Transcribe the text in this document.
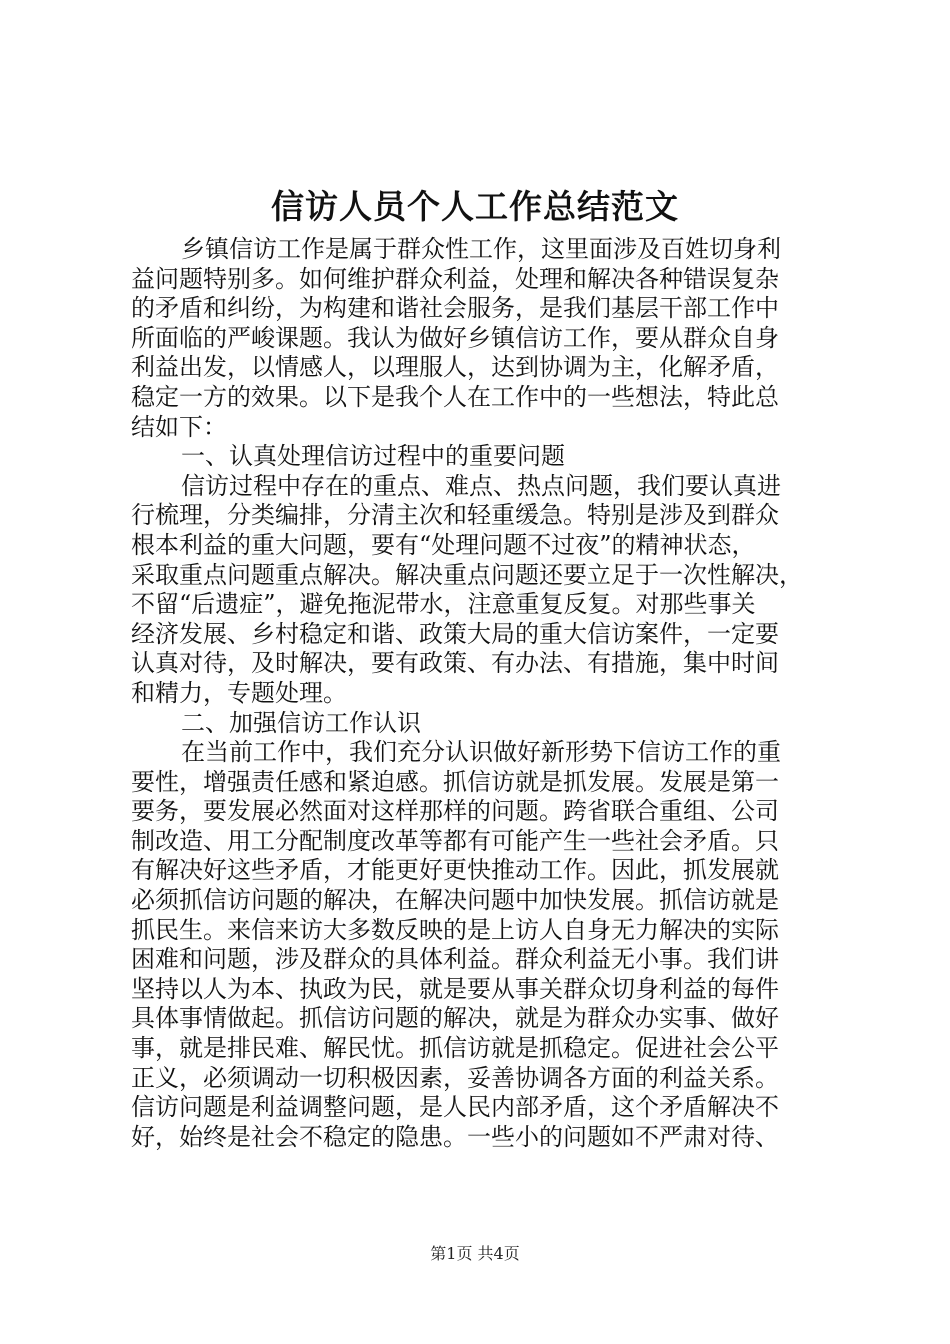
信访人员个人工作总结范文
乡镇信访工作是属于群众性工作，这里面涉及百姓切身利
益问题特别多。如何维护群众利益，处理和解决各种错误复杂
的矛盾和纠纷，为构建和谐社会服务，是我们基层干部工作中
所面临的严峻课题。我认为做好乡镇信访工作，要从群众自身
利益出发，以情感人，以理服人，达到协调为主，化解矛盾，
稳定一方的效果。以下是我个人在工作中的一些想法，特此总
结如下：
一、认真处理信访过程中的重要问题
信访过程中存在的重点、难点、热点问题，我们要认真进
行梳理，分类编排，分清主次和轻重缓急。特别是涉及到群众
根本利益的重大问题，要有“处理问题不过夜”的精神状态，
采取重点问题重点解决。解决重点问题还要立足于一次性解决，
不留“后遗症”，避免拖泥带水，注意重复反复。对那些事关
经济发展、乡村稳定和谐、政策大局的重大信访案件，一定要
认真对待，及时解决，要有政策、有办法、有措施，集中时间
和精力，专题处理。
二、加强信访工作认识
在当前工作中，我们充分认识做好新形势下信访工作的重
要性，增强责任感和紧迫感。抓信访就是抓发展。发展是第一
要务，要发展必然面对这样那样的问题。跨省联合重组、公司
制改造、用工分配制度改革等都有可能产生一些社会矛盾。只
有解决好这些矛盾，才能更好更快推动工作。因此，抓发展就
必须抓信访问题的解决，在解决问题中加快发展。抓信访就是
抓民生。来信来访大多数反映的是上访人自身无力解决的实际
困难和问题，涉及群众的具体利益。群众利益无小事。我们讲
坚持以人为本、执政为民，就是要从事关群众切身利益的每件
具体事情做起。抓信访问题的解决，就是为群众办实事、做好
事，就是排民难、解民忧。抓信访就是抓稳定。促进社会公平
正义，必须调动一切积极因素，妥善协调各方面的利益关系。
信访问题是利益调整问题，是人民内部矛盾，这个矛盾解决不
好，始终是社会不稳定的隐患。一些小的问题如不严肃对待、
第1页 共4页
